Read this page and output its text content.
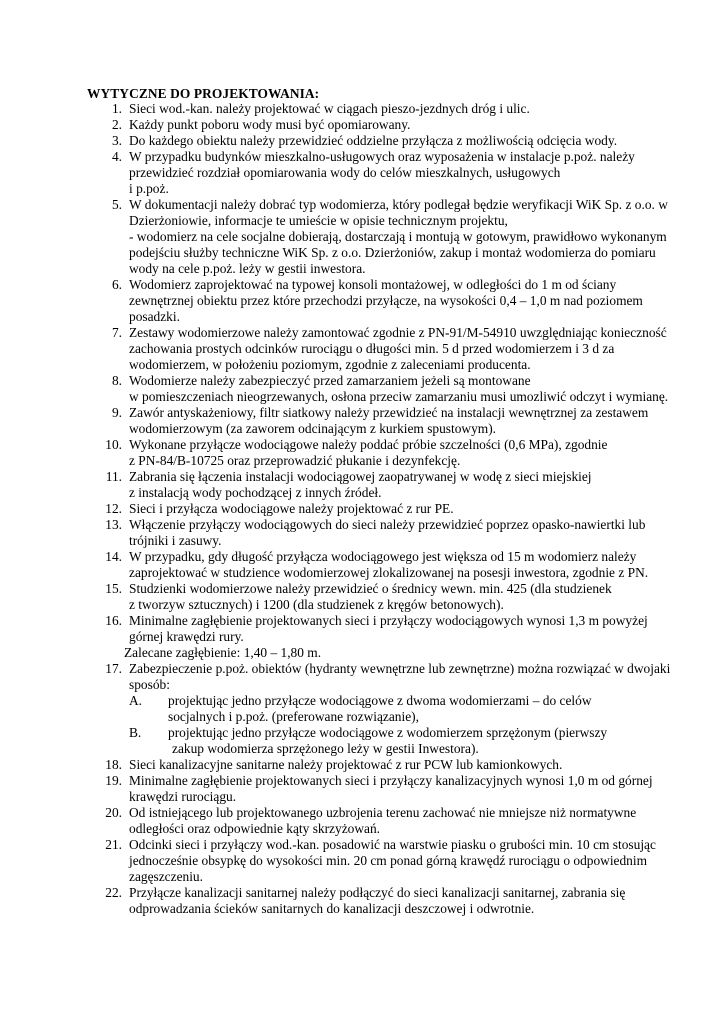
WYTYCZNE DO PROJEKTOWANIA:
1. Sieci wod.-kan. należy projektować w ciągach pieszo-jezdnych dróg i ulic.
2. Każdy punkt poboru wody musi być opomiarowany.
3. Do każdego obiektu należy przewidzieć oddzielne przyłącza z możliwością odcięcia wody.
4. W przypadku budynków mieszkalno-usługowych oraz wyposażenia w instalacje p.poż. należy
przewidzieć rozdział opomiarowania wody do celów mieszkalnych, usługowych
i p.poż.
5. W dokumentacji należy dobrać typ wodomierza, który podlegał będzie weryfikacji WiK Sp. z o.o. w
Dzierżoniowie, informacje te umieście w opisie technicznym projektu,
- wodomierz na cele socjalne dobierają, dostarczają i montują w gotowym, prawidłowo wykonanym
podejściu służby techniczne WiK Sp. z o.o. Dzierżoniów, zakup i montaż wodomierza do pomiaru
wody na cele p.poż. leży w gestii inwestora.
6. Wodomierz zaprojektować na typowej konsoli montażowej, w odległości do 1 m od ściany
zewnętrznej obiektu przez które przechodzi przyłącze, na wysokości 0,4 – 1,0 m nad poziomem
posadzki.
7. Zestawy wodomierzowe należy zamontować zgodnie z PN-91/M-54910 uwzględniając konieczność
zachowania prostych odcinków rurociągu o długości min. 5 d przed wodomierzem i 3 d za
wodomierzem, w położeniu poziomym, zgodnie z zaleceniami producenta.
8. Wodomierze należy zabezpieczyć przed zamarzaniem jeżeli są montowane
w pomieszczeniach nieogrzewanych, osłona przeciw zamarzaniu musi umozliwić odczyt i wymianę.
9. Zawór antyskażeniowy, filtr siatkowy należy przewidzieć na instalacji wewnętrznej za zestawem
wodomierzowym (za zaworem odcinającym z kurkiem spustowym).
10. Wykonane przyłącze wodociągowe należy poddać próbie szczelności (0,6 MPa), zgodnie
z PN-84/B-10725 oraz przeprowadzić płukanie i dezynfekcję.
11. Zabrania się łączenia instalacji wodociągowej zaopatrywanej w wodę z sieci miejskiej
z instalacją wody pochodzącej z innych źródeł.
12. Sieci i przyłącza wodociągowe należy projektować z rur PE.
13. Włączenie przyłączy wodociągowych do sieci należy przewidzieć poprzez opasko-nawiertki lub
trójniki i zasuwy.
14. W przypadku, gdy długość przyłącza wodociągowego jest większa od 15 m wodomierz należy
zaprojektować w studzience wodomierzowej zlokalizowanej na posesji inwestora, zgodnie z PN.
15. Studzienki wodomierzowe należy przewidzieć o średnicy wewn. min. 425 (dla studzienek
z tworzyw sztucznych) i 1200 (dla studzienek z kręgów betonowych).
16. Minimalne zagłębienie projektowanych sieci i przyłączy wodociągowych wynosi 1,3 m powyżej
górnej krawędzi rury.
Zalecane zagłębienie: 1,40 – 1,80 m.
17. Zabezpieczenie p.poż. obiektów (hydranty wewnętrzne lub zewnętrzne) można rozwiązać w dwojaki
sposób:
A. projektując jedno przyłącze wodociągowe z dwoma wodomierzami – do celów
socjalnych i p.poż. (preferowane rozwiązanie),
B. projektując jedno przyłącze wodociągowe z wodomierzem sprzężonym (pierwszy
zakup wodomierza sprzężonego leży w gestii Inwestora).
18. Sieci kanalizacyjne sanitarne należy projektować z rur PCW lub kamionkowych.
19. Minimalne zagłębienie projektowanych sieci i przyłączy kanalizacyjnych wynosi 1,0 m od górnej
krawędzi rurociągu.
20. Od istniejącego lub projektowanego uzbrojenia terenu zachować nie mniejsze niż normatywne
odległości oraz odpowiednie kąty skrzyżowań.
21. Odcinki sieci i przyłączy wod.-kan. posadowić na warstwie piasku o grubości min. 10 cm stosując
jednocześnie obsypkę do wysokości min. 20 cm ponad górną krawędź rurociągu o odpowiednim
zagęszczeniu.
22. Przyłącze kanalizacji sanitarnej należy podłączyć do sieci kanalizacji sanitarnej, zabrania się
odprowadzania ścieków sanitarnych do kanalizacji deszczowej i odwrotnie.
